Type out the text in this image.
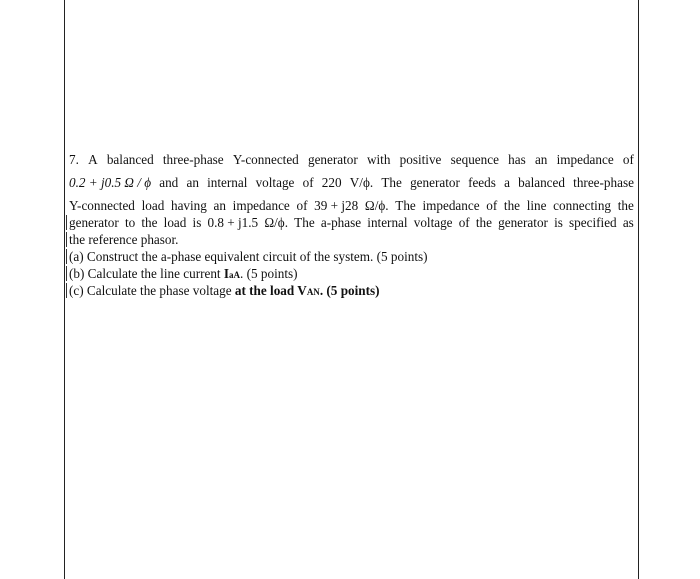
7. A balanced three-phase Y-connected generator with positive sequence has an impedance of
0.2 + j0.5 Ω / ϕ and an internal voltage of 220 V/ϕ. The generator feeds a balanced three-phase
Y-connected load having an impedance of 39 + j28 Ω/ϕ. The impedance of the line connecting the
generator to the load is 0.8 + j1.5 Ω/ϕ. The a-phase internal voltage of the generator is specified as
the reference phasor.
(a) Construct the a-phase equivalent circuit of the system. (5 points)
(b) Calculate the line current IaA. (5 points)
(c) Calculate the phase voltage at the load VAN. (5 points)
